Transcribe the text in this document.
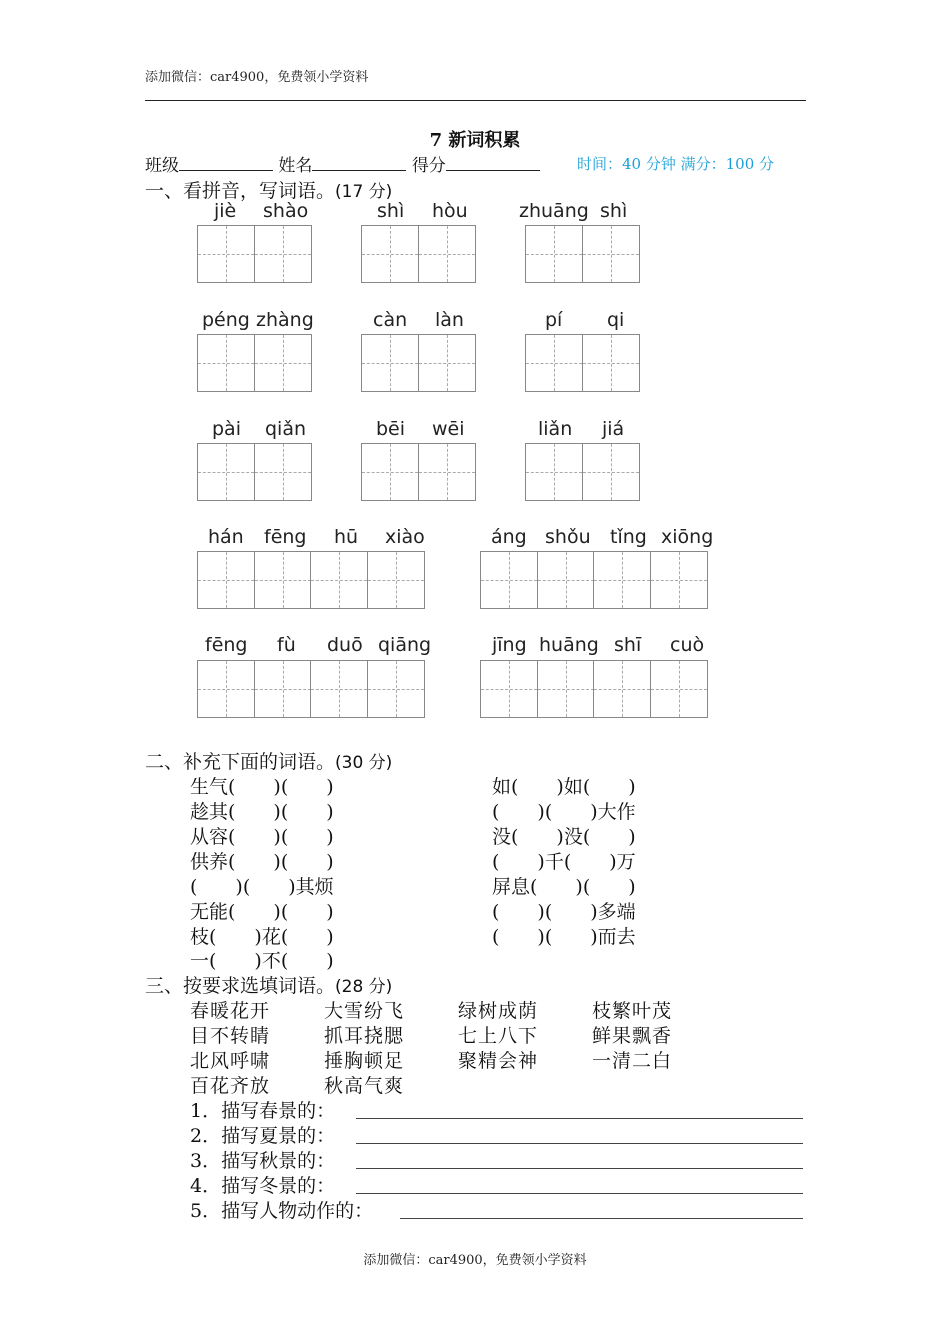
添加微信：car4900，免费领小学资料
7 新词积累
班级	姓名	得分	时间：40 分钟 满分：100 分
一、看拼音，写词语。(17 分)
jiè shào	shì hòu	zhuāng shì
péng zhàng	càn làn	pí qi
pài qiǎn	bēi wēi	liǎn jiá
hán fēng hū xiào	áng shǒu tǐng xiōng
fēng fù duō qiāng	jīng huāng shī cuò
二、补充下面的词语。(30 分)
生气(　　)(　　)
趁其(　　)(　　)
从容(　　)(　　)
供养(　　)(　　)
(　　)(　　)其烦
无能(　　)(　　)
枝(　　)花(　　)
一(　　)不(　　)
如(　　)如(　　)
(　　)(　　)大作
没(　　)没(　　)
(　　)千(　　)万
屏息(　　)(　　)
(　　)(　　)多端
(　　)(　　)而去
三、按要求选填词语。(28 分)
春暖花开	大雪纷飞	绿树成荫	枝繁叶茂
目不转睛	抓耳挠腮	七上八下	鲜果飘香
北风呼啸	捶胸顿足	聚精会神	一清二白
百花齐放	秋高气爽
1．描写春景的：
2．描写夏景的：
3．描写秋景的：
4．描写冬景的：
5．描写人物动作的：
添加微信：car4900，免费领小学资料
